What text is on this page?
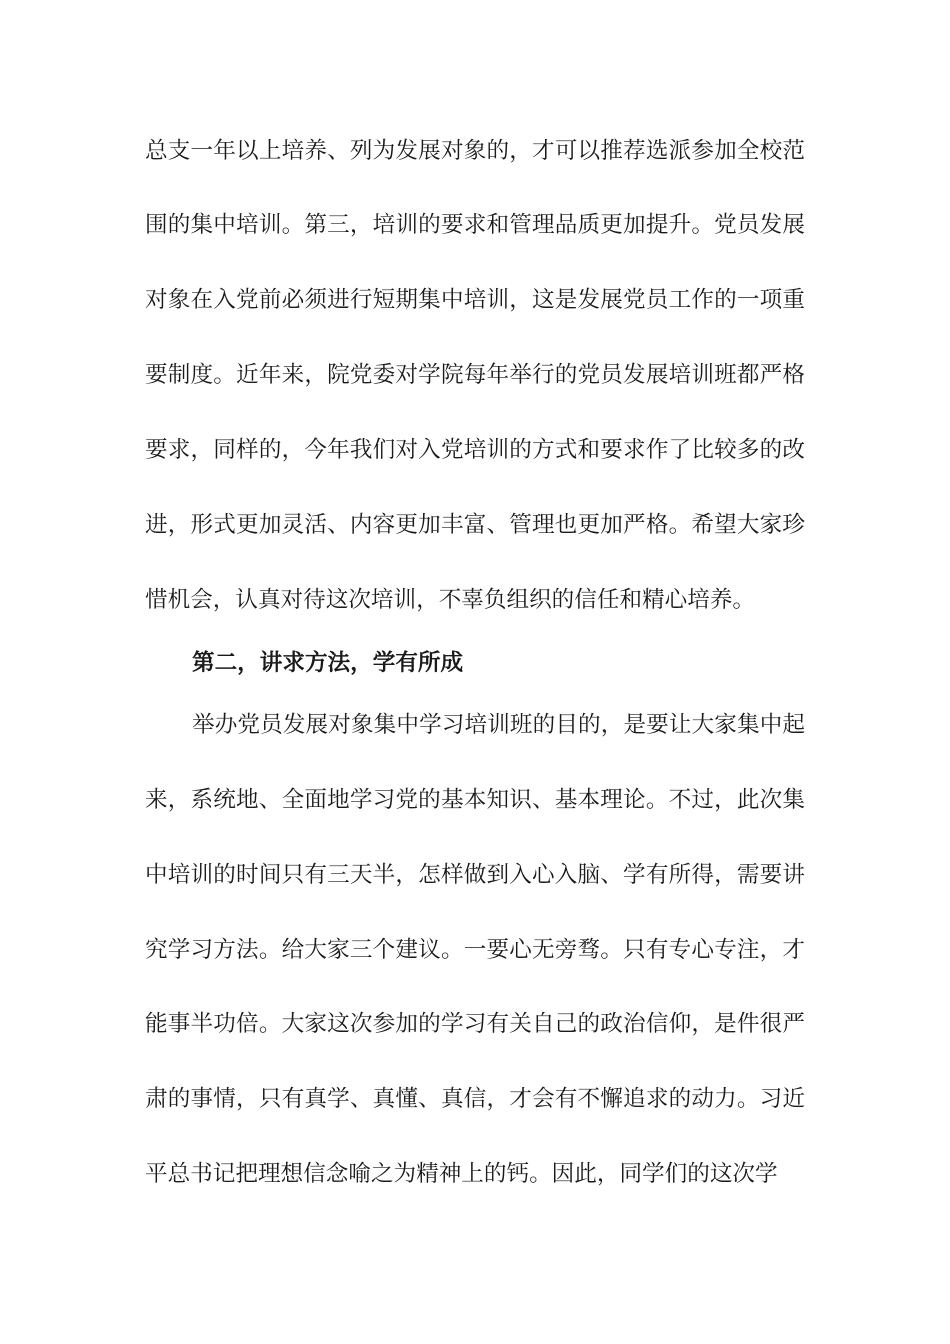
总支一年以上培养、列为发展对象的，才可以推荐选派参加全校范
围的集中培训。第三，培训的要求和管理品质更加提升。党员发展
对象在入党前必须进行短期集中培训，这是发展党员工作的一项重
要制度。近年来，院党委对学院每年举行的党员发展培训班都严格
要求，同样的，今年我们对入党培训的方式和要求作了比较多的改
进，形式更加灵活、内容更加丰富、管理也更加严格。希望大家珍
惜机会，认真对待这次培训，不辜负组织的信任和精心培养。
第二，讲求方法，学有所成
举办党员发展对象集中学习培训班的目的，是要让大家集中起
来，系统地、全面地学习党的基本知识、基本理论。不过，此次集
中培训的时间只有三天半，怎样做到入心入脑、学有所得，需要讲
究学习方法。给大家三个建议。一要心无旁骛。只有专心专注，才
能事半功倍。大家这次参加的学习有关自己的政治信仰，是件很严
肃的事情，只有真学、真懂、真信，才会有不懈追求的动力。习近
平总书记把理想信念喻之为精神上的钙。因此，同学们的这次学
